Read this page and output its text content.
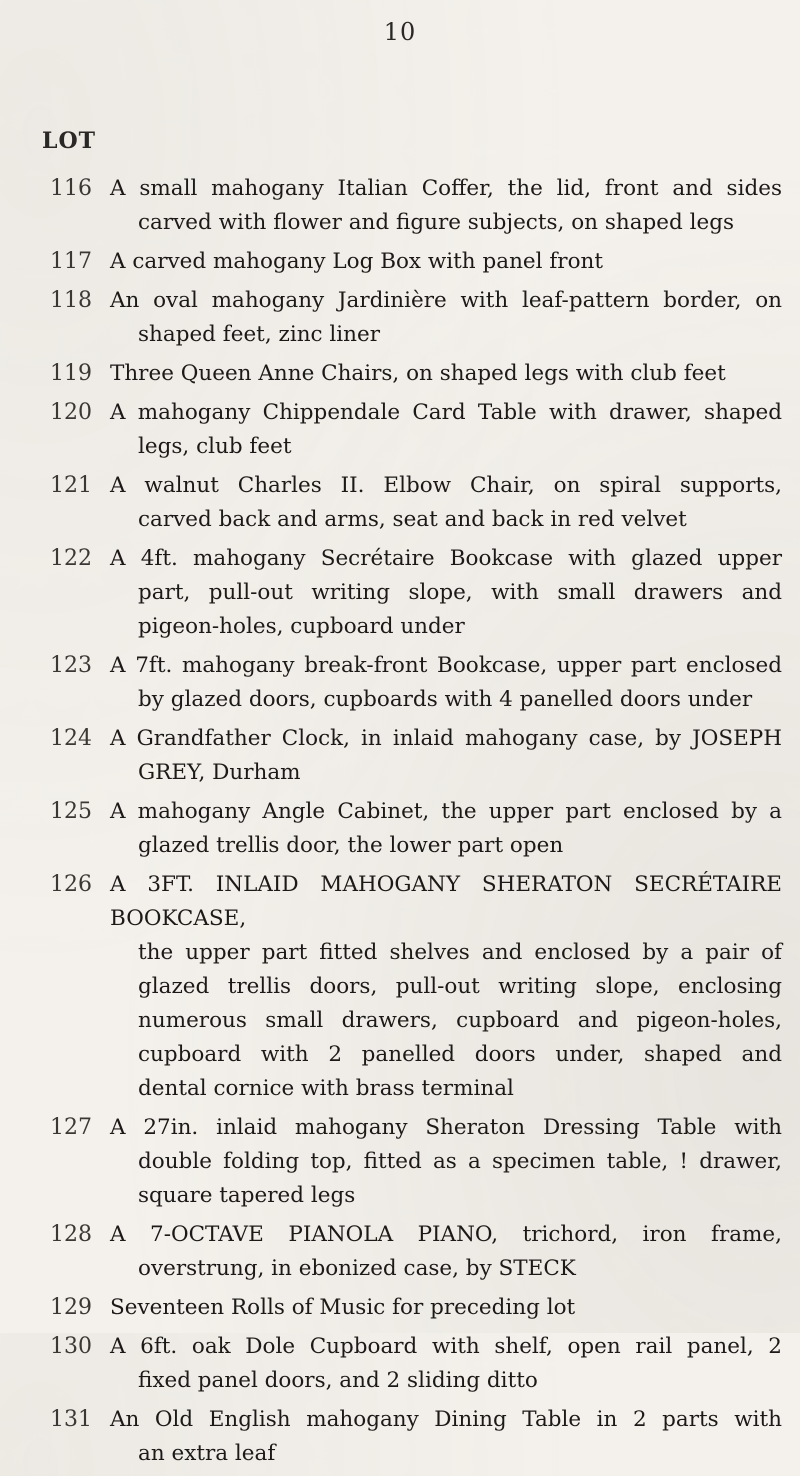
10
LOT
116 A small mahogany Italian Coffer, the lid, front and sides
carved with flower and figure subjects, on shaped legs
117 A carved mahogany Log Box with panel front
118 An oval mahogany Jardinière with leaf-pattern border, on
shaped feet, zinc liner
119 Three Queen Anne Chairs, on shaped legs with club feet
120 A mahogany Chippendale Card Table with drawer, shaped
legs, club feet
121 A walnut Charles II. Elbow Chair, on spiral supports,
carved back and arms, seat and back in red velvet
122 A 4ft. mahogany Secrétaire Bookcase with glazed upper
part, pull-out writing slope, with small drawers and
pigeon-holes, cupboard under
123 A 7ft. mahogany break-front Bookcase, upper part enclosed
by glazed doors, cupboards with 4 panelled doors under
124 A Grandfather Clock, in inlaid mahogany case, by JOSEPH
GREY, Durham
125 A mahogany Angle Cabinet, the upper part enclosed by a
glazed trellis door, the lower part open
126 A 3FT. INLAID MAHOGANY SHERATON SECRÉTAIRE BOOKCASE,
the upper part fitted shelves and enclosed by a pair of
glazed trellis doors, pull-out writing slope, enclosing
numerous small drawers, cupboard and pigeon-holes,
cupboard with 2 panelled doors under, shaped and
dental cornice with brass terminal
127 A 27in. inlaid mahogany Sheraton Dressing Table with
double folding top, fitted as a specimen table, ! drawer,
square tapered legs
128 A 7-OCTAVE PIANOLA PIANO, trichord, iron frame,
overstrung, in ebonized case, by STECK
129 Seventeen Rolls of Music for preceding lot
130 A 6ft. oak Dole Cupboard with shelf, open rail panel, 2
fixed panel doors, and 2 sliding ditto
131 An Old English mahogany Dining Table in 2 parts with
an extra leaf
